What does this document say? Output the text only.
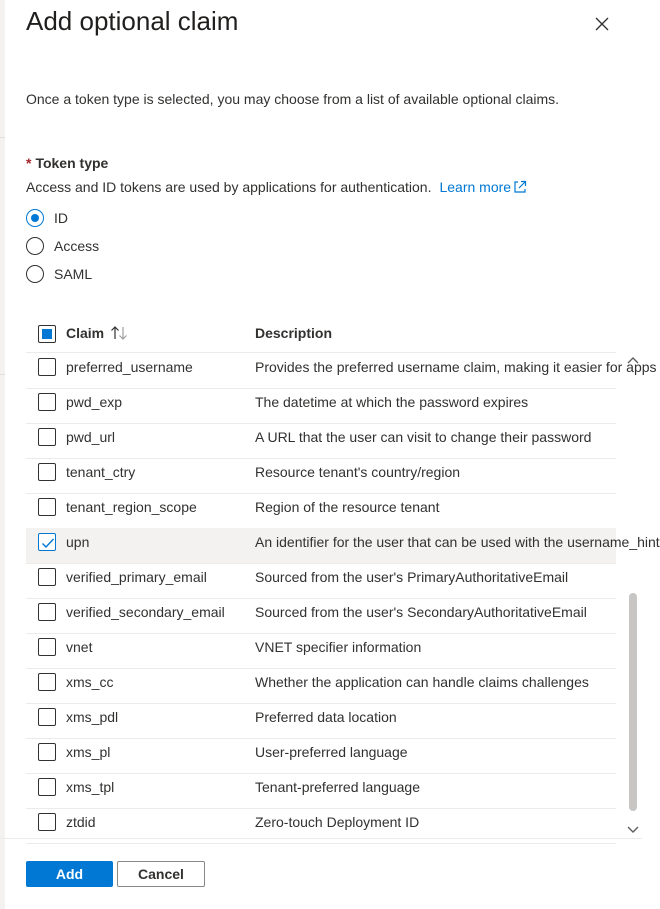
Add optional claim
Once a token type is selected, you may choose from a list of available optional claims.
* Token type
Access and ID tokens are used by applications for authentication. Learn more
ID
Access
SAML
Claim	Description
preferred_username	Provides the preferred username claim, making it easier for apps
pwd_exp	The datetime at which the password expires
pwd_url	A URL that the user can visit to change their password
tenant_ctry	Resource tenant's country/region
tenant_region_scope	Region of the resource tenant
upn	An identifier for the user that can be used with the username_hint
verified_primary_email	Sourced from the user's PrimaryAuthoritativeEmail
verified_secondary_email Sourced from the user's SecondaryAuthoritativeEmail
vnet	VNET specifier information
xms_cc	Whether the application can handle claims challenges
xms_pdl	Preferred data location
xms_pl	User-preferred language
xms_tpl	Tenant-preferred language
ztdid	Zero-touch Deployment ID
Add	Cancel
